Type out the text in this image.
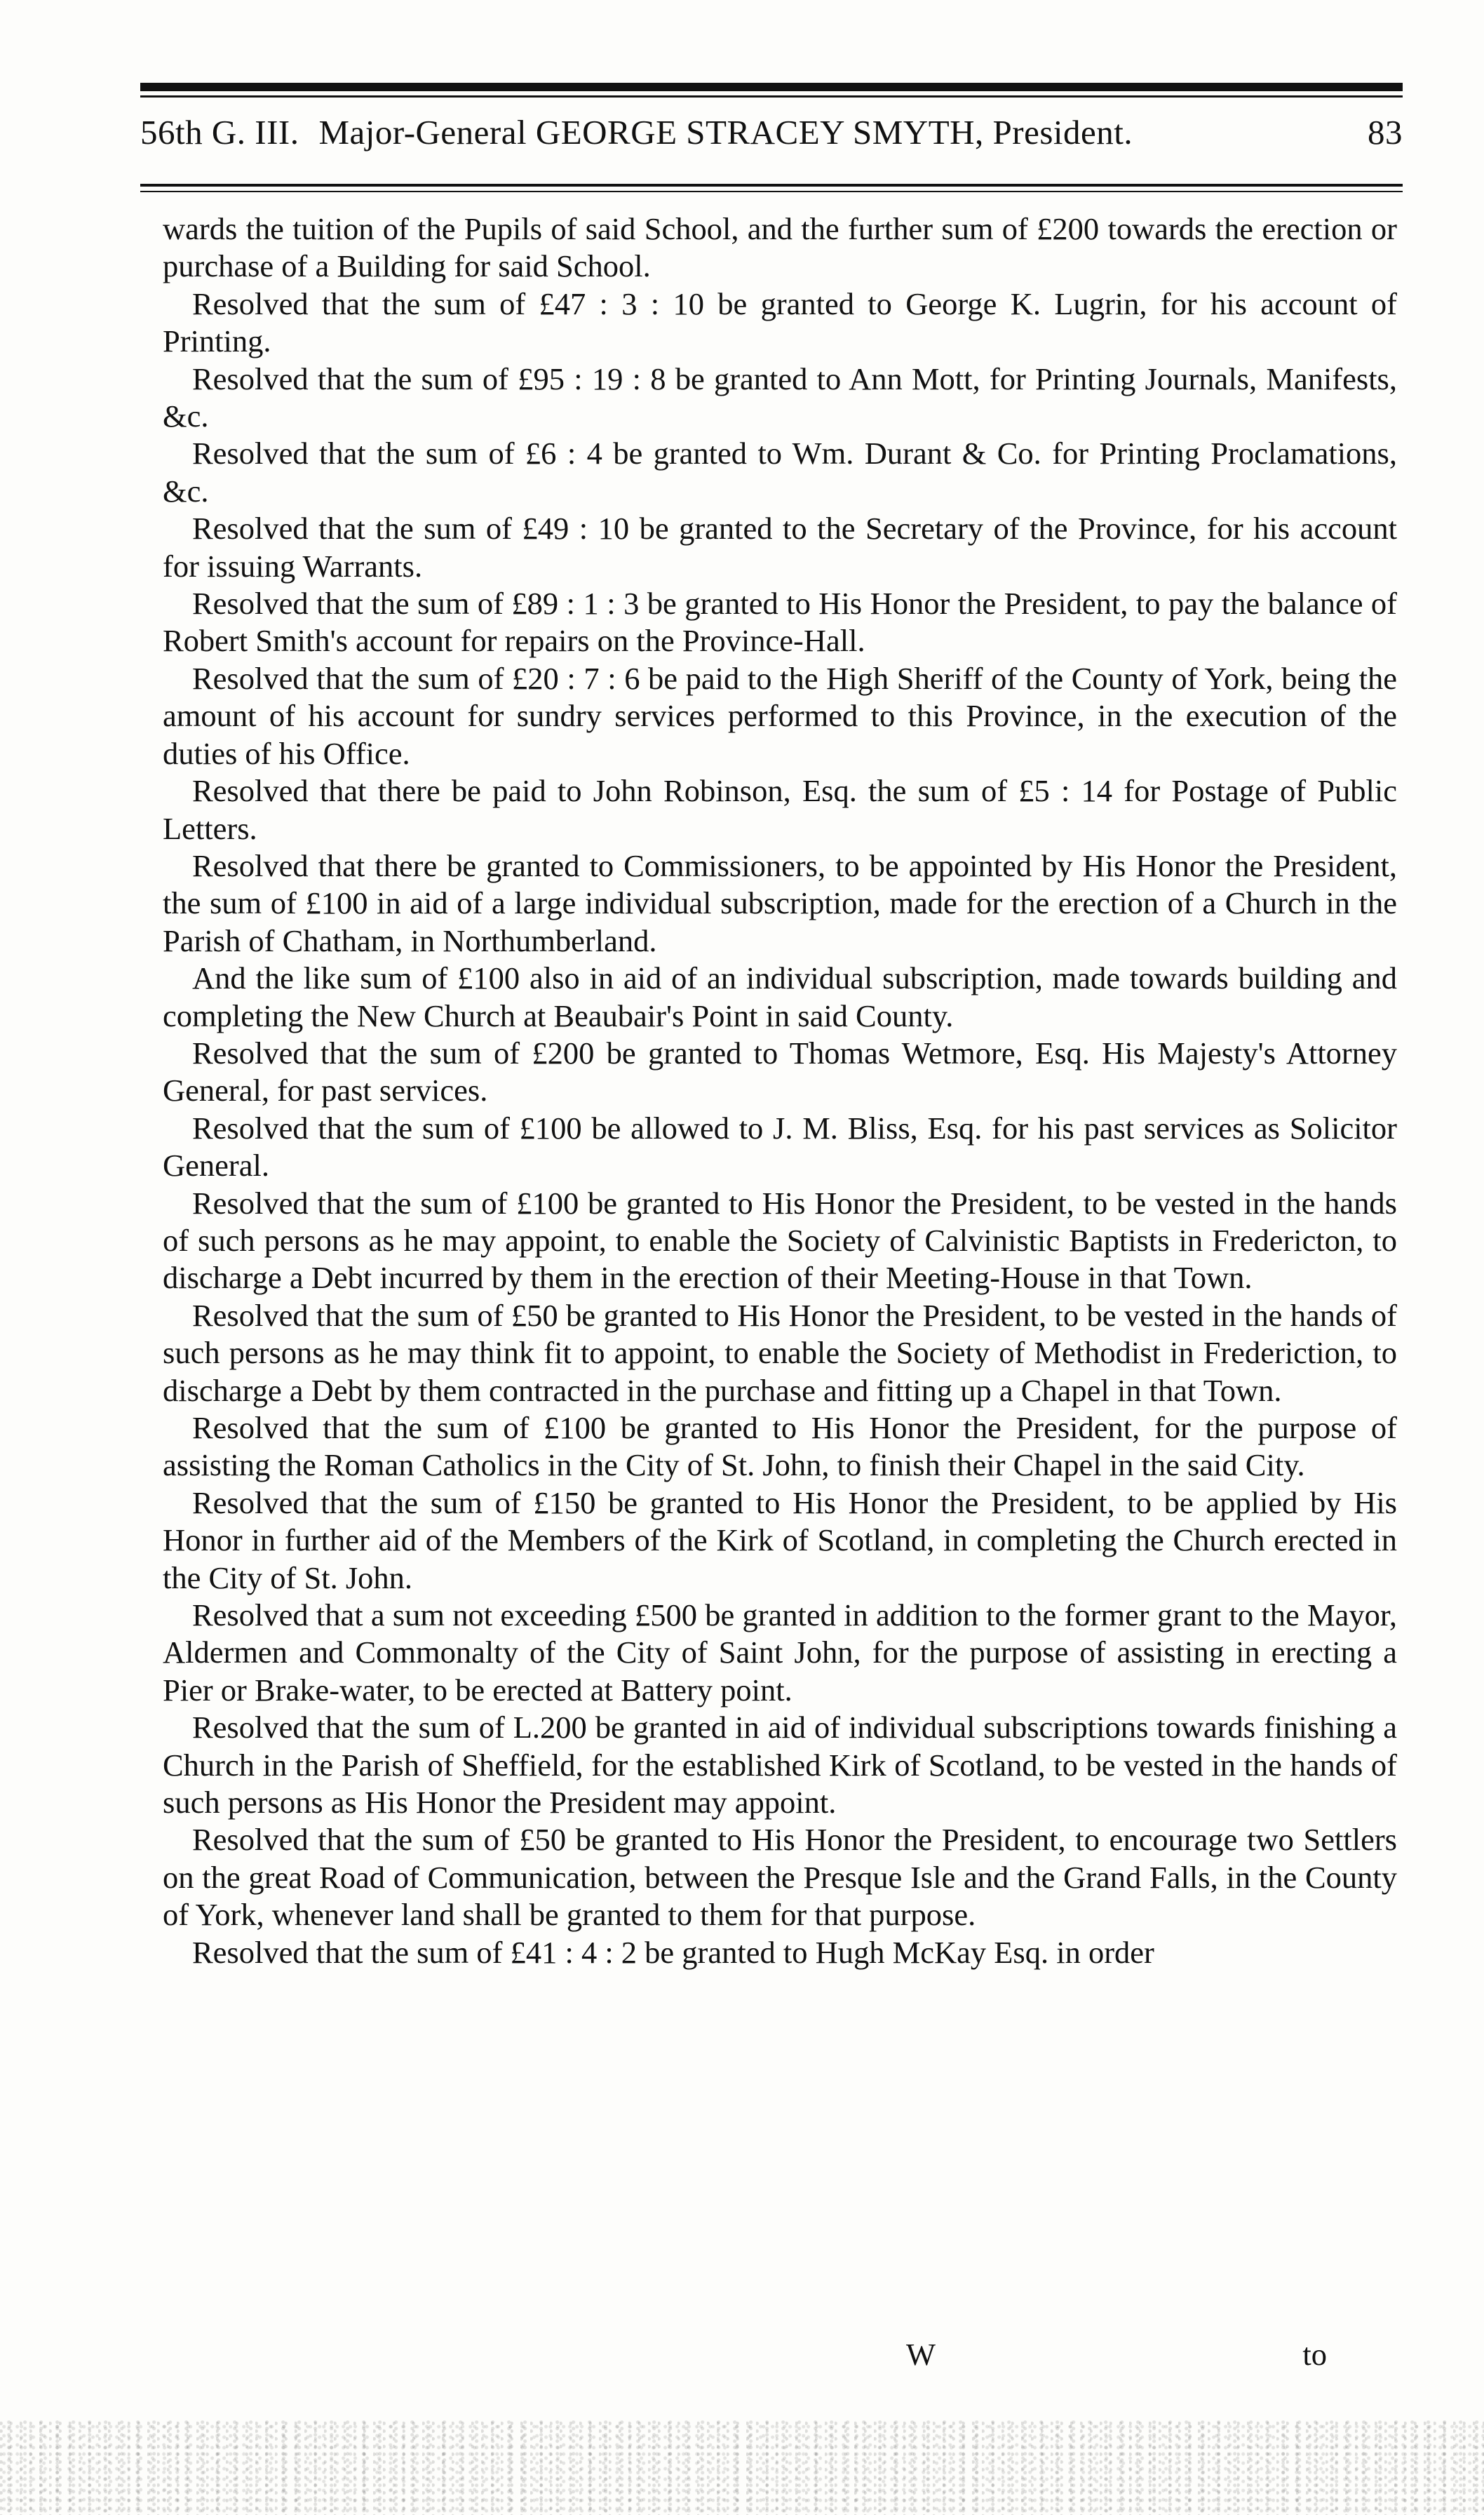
56th G. III. Major-General GEORGE STRACEY SMYTH, President.	83

wards the tuition of the Pupils of said School, and the further sum of £200 towards the erection or purchase of a Building for said School.

Resolved that the sum of £47 : 3 : 10 be granted to George K. Lugrin, for his account of Printing.

Resolved that the sum of £95 : 19 : 8 be granted to Ann Mott, for Printing Journals, Manifests, &c.

Resolved that the sum of £6 : 4 be granted to Wm. Durant & Co. for Printing Proclamations, &c.

Resolved that the sum of £49 : 10 be granted to the Secretary of the Province, for his account for issuing Warrants.

Resolved that the sum of £89 : 1 : 3 be granted to His Honor the President, to pay the balance of Robert Smith's account for repairs on the Province-Hall.

Resolved that the sum of £20 : 7 : 6 be paid to the High Sheriff of the County of York, being the amount of his account for sundry services performed to this Province, in the execution of the duties of his Office.

Resolved that there be paid to John Robinson, Esq. the sum of £5 : 14 for Postage of Public Letters.

Resolved that there be granted to Commissioners, to be appointed by His Honor the President, the sum of £100 in aid of a large individual subscription, made for the erection of a Church in the Parish of Chatham, in Northumberland.

And the like sum of £100 also in aid of an individual subscription, made towards building and completing the New Church at Beaubair's Point in said County.

Resolved that the sum of £200 be granted to Thomas Wetmore, Esq. His Majesty's Attorney General, for past services.

Resolved that the sum of £100 be allowed to J. M. Bliss, Esq. for his past services as Solicitor General.

Resolved that the sum of £100 be granted to His Honor the President, to be vested in the hands of such persons as he may appoint, to enable the Society of Calvinistic Baptists in Fredericton, to discharge a Debt incurred by them in the erection of their Meeting-House in that Town.

Resolved that the sum of £50 be granted to His Honor the President, to be vested in the hands of such persons as he may think fit to appoint, to enable the Society of Methodist in Frederiction, to discharge a Debt by them contracted in the purchase and fitting up a Chapel in that Town.

Resolved that the sum of £100 be granted to His Honor the President, for the purpose of assisting the Roman Catholics in the City of St. John, to finish their Chapel in the said City.

Resolved that the sum of £150 be granted to His Honor the President, to be applied by His Honor in further aid of the Members of the Kirk of Scotland, in completing the Church erected in the City of St. John.

Resolved that a sum not exceeding £500 be granted in addition to the former grant to the Mayor, Aldermen and Commonalty of the City of Saint John, for the purpose of assisting in erecting a Pier or Brake-water, to be erected at Battery point.

Resolved that the sum of L.200 be granted in aid of individual subscriptions towards finishing a Church in the Parish of Sheffield, for the established Kirk of Scotland, to be vested in the hands of such persons as His Honor the President may appoint.

Resolved that the sum of £50 be granted to His Honor the President, to encourage two Settlers on the great Road of Communication, between the Presque Isle and the Grand Falls, in the County of York, whenever land shall be granted to them for that purpose.

Resolved that the sum of £41 : 4 : 2 be granted to Hugh McKay Esq. in order

W	to
